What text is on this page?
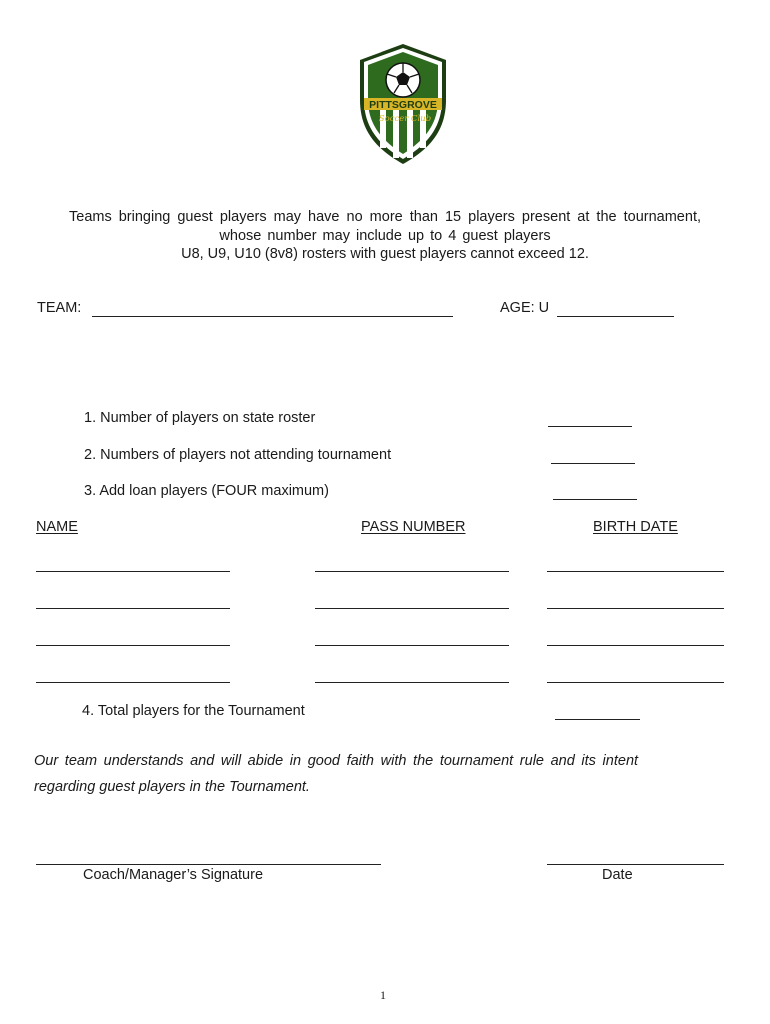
PITTSGROVE
Soccer Club
Teams bringing guest players may have no more than 15 players present at the tournament,
whose number may include up to 4 guest players
U8, U9, U10 (8v8) rosters with guest players cannot exceed 12.
TEAM:	AGE: U
1. Number of players on state roster
2. Numbers of players not attending tournament
3. Add loan players (FOUR maximum)
NAME	PASS NUMBER	BIRTH DATE
4. Total players for the Tournament
Our team understands and will abide in good faith with the tournament rule and its intent
regarding guest players in the Tournament.
Coach/Manager’s Signature	Date
1
